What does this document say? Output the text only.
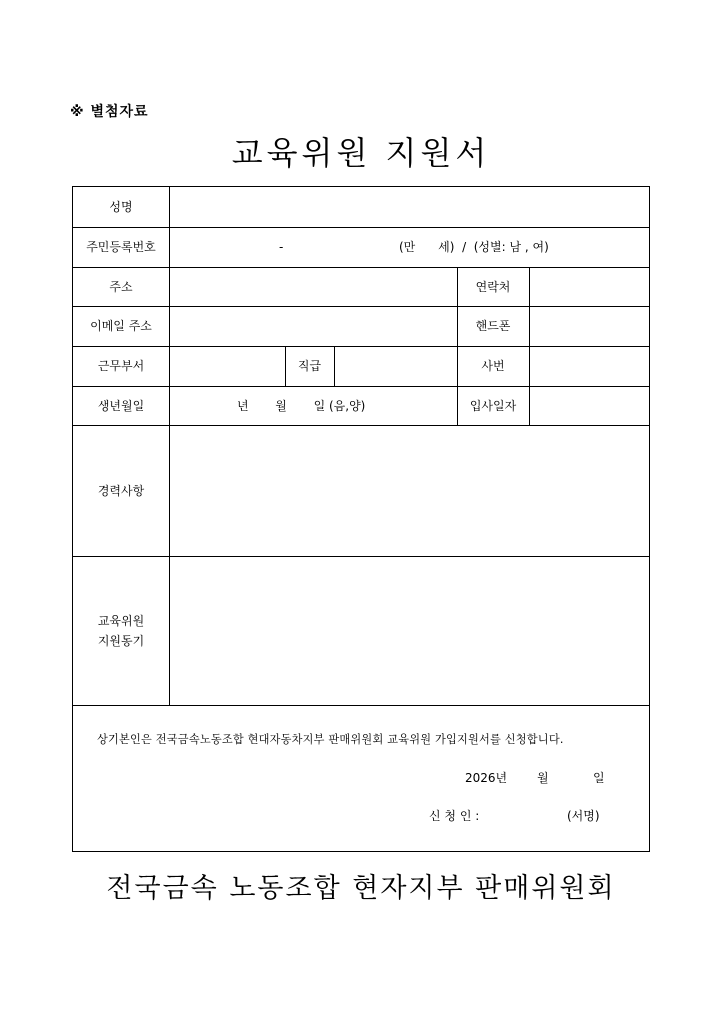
※ 별첨자료
교육위원 지원서
성명
주민등록번호	-	(만      세)  /  (성별: 남 , 여)
주소	연락처
이메일 주소	핸드폰
근무부서	직급	사번
생년월일	년       월       일 (음,양)	입사일자
경력사항
교육위원
지원동기
상기본인은 전국금속노동조합 현대자동차지부 판매위원회 교육위원 가입지원서를 신청합니다.
2026년 월	일
신 청 인 :	(서명)
전국금속 노동조합 현자지부 판매위원회
